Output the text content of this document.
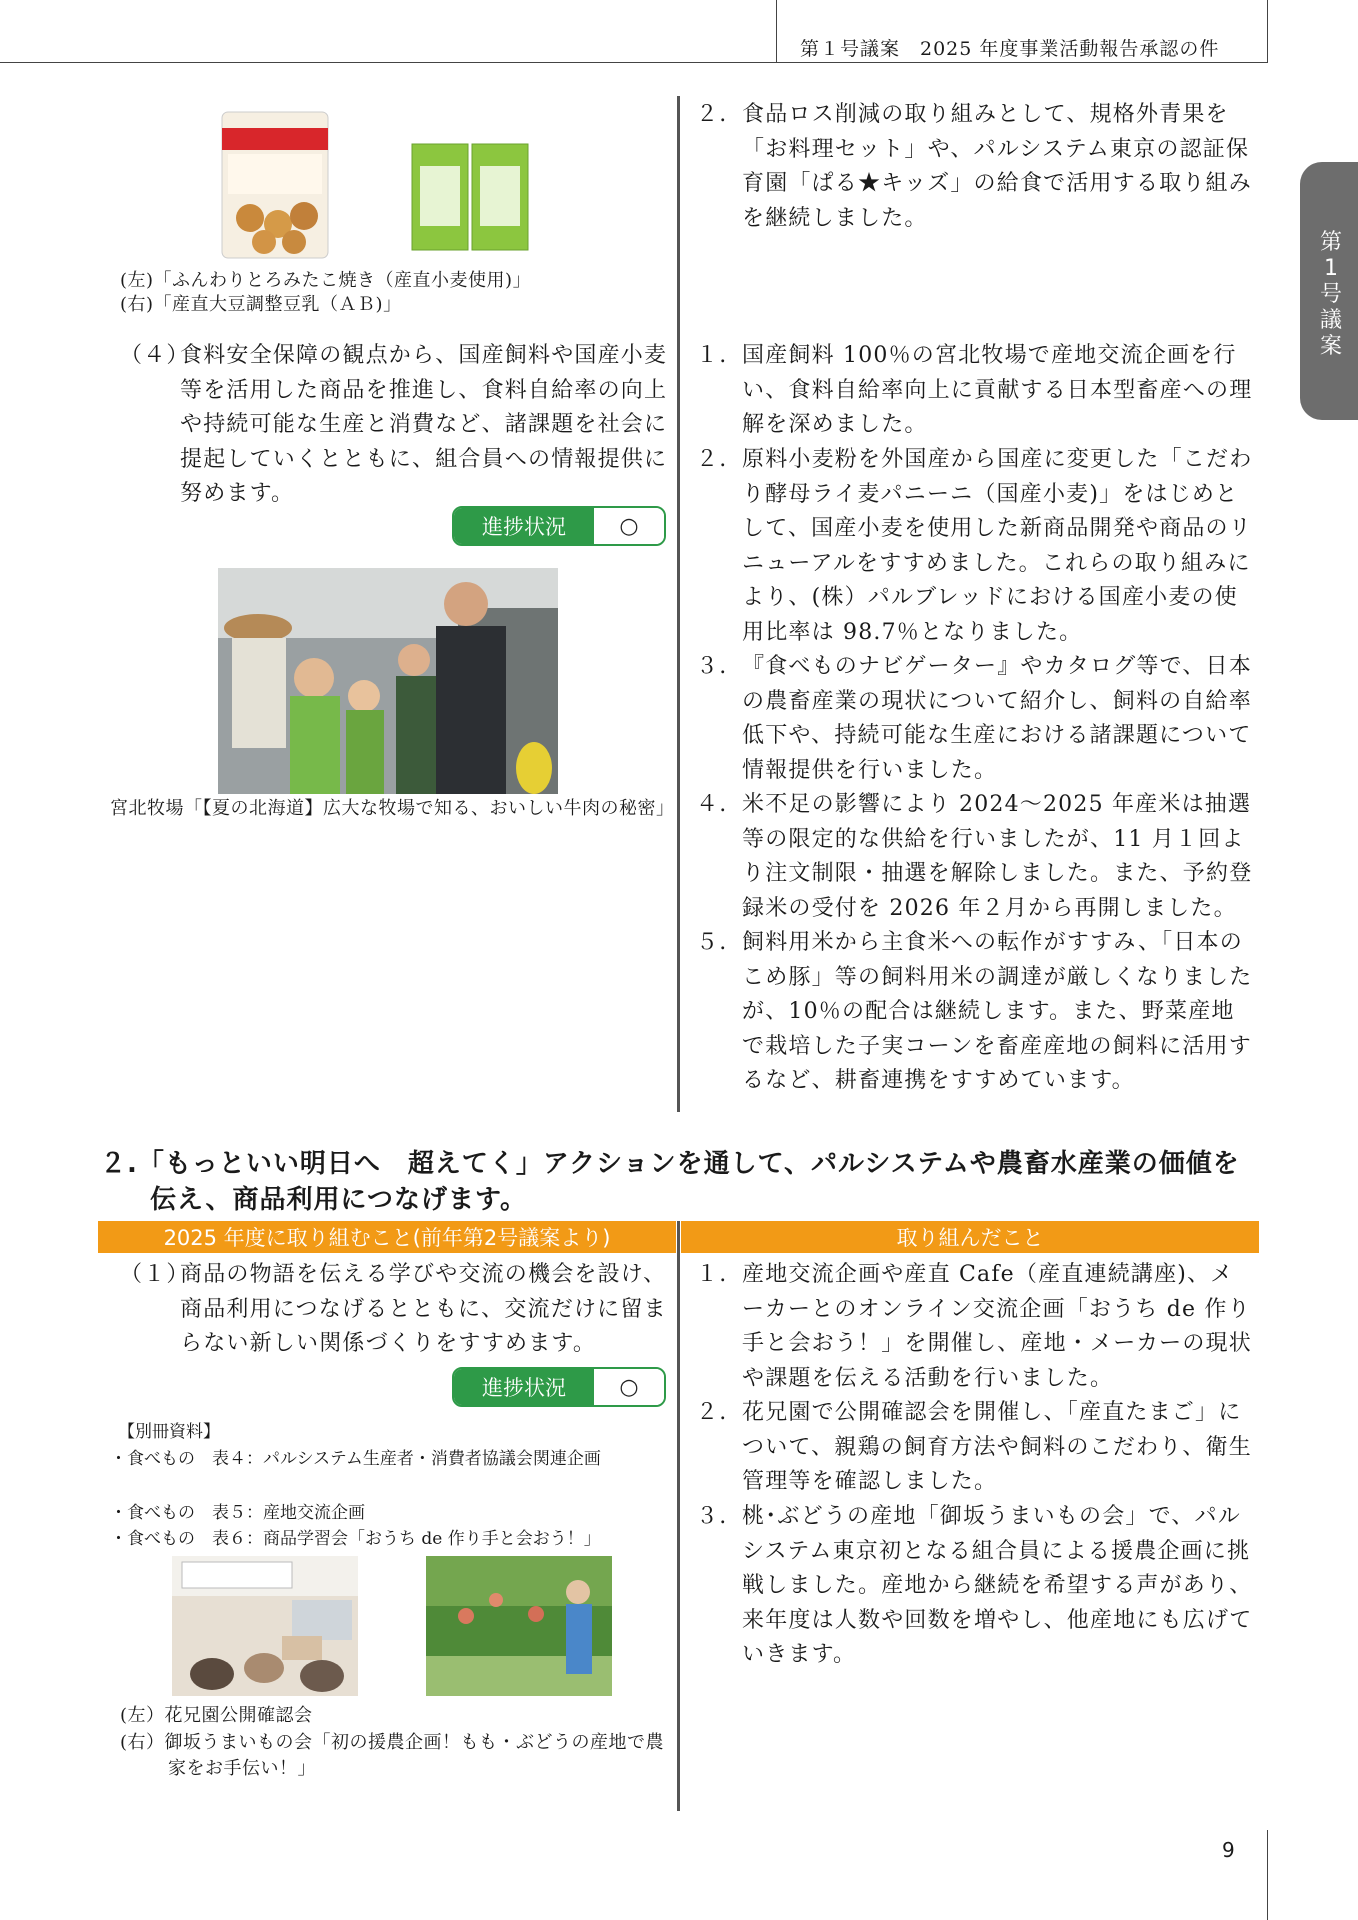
第１号議案　2025 年度事業活動報告承認の件
第1号議案
(左)「ふんわりとろみたこ焼き（産直小麦使用)」
(右)「産直大豆調整豆乳（ＡＢ)」
２. 食品ロス削減の取り組みとして、規格外青果を「お料理セット」や、パルシステム東京の認証保育園「ぱる★キッズ」の給食で活用する取り組みを継続しました。
（４）
食料安全保障の観点から、国産飼料や国産小麦等を活用した商品を推進し、食料自給率の向上や持続可能な生産と消費など、諸課題を社会に提起していくとともに、組合員への情報提供に努めます。
進捗状況	○
宮北牧場「【夏の北海道】広大な牧場で知る、おいしい牛肉の秘密」
１. 国産飼料 100％の宮北牧場で産地交流企画を行い、食料自給率向上に貢献する日本型畜産への理解を深めました。
２. 原料小麦粉を外国産から国産に変更した「こだわり酵母ライ麦パニーニ（国産小麦)」をはじめとして、国産小麦を使用した新商品開発や商品のリニューアルをすすめました。これらの取り組みにより、(株）パルブレッドにおける国産小麦の使用比率は 98.7％となりました。
３. 『食べものナビゲーター』やカタログ等で、日本の農畜産業の現状について紹介し、飼料の自給率低下や、持続可能な生産における諸課題について情報提供を行いました。
４. 米不足の影響により 2024〜2025 年産米は抽選等の限定的な供給を行いましたが、11 月１回より注文制限・抽選を解除しました。また、予約登録米の受付を 2026 年２月から再開しました。
５. 飼料用米から主食米への転作がすすみ、「日本のこめ豚」等の飼料用米の調達が厳しくなりましたが、10％の配合は継続します。また、野菜産地で栽培した子実コーンを畜産産地の飼料に活用するなど、耕畜連携をすすめています。
２.「もっといい明日へ　超えてく」アクションを通して、パルシステムや農畜水産業の価値を
伝え、商品利用につなげます。
2025 年度に取り組むこと(前年第2号議案より)	取り組んだこと
（１）
商品の物語を伝える学びや交流の機会を設け、商品利用につなげるとともに、交流だけに留まらない新しい関係づくりをすすめます。
進捗状況	○
【別冊資料】
・食べもの　表４：パルシステム生産者・消費者協議会関連企画
・食べもの　表５：産地交流企画
・食べもの　表６：商品学習会「おうち de 作り手と会おう！」
(左）花兄園公開確認会
(右）御坂うまいもの会「初の援農企画！もも・ぶどうの産地で農家をお手伝い！」
１. 産地交流企画や産直 Cafe（産直連続講座)、メーカーとのオンライン交流企画「おうち de 作り手と会おう！」を開催し、産地・メーカーの現状や課題を伝える活動を行いました。
２. 花兄園で公開確認会を開催し、「産直たまご」について、親鶏の飼育方法や飼料のこだわり、衛生管理等を確認しました。
３. 桃･ぶどうの産地「御坂うまいもの会」で、パルシステム東京初となる組合員による援農企画に挑戦しました。産地から継続を希望する声があり、来年度は人数や回数を増やし、他産地にも広げていきます。
9
